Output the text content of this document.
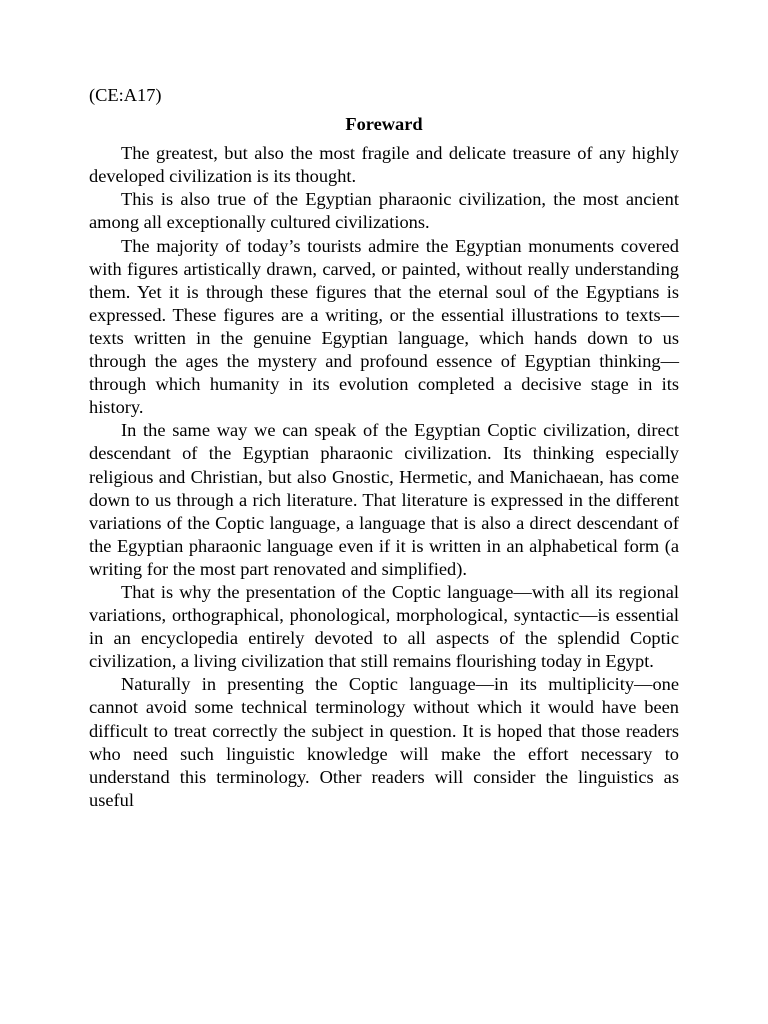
(CE:A17)

Foreward

The greatest, but also the most fragile and delicate treasure of any highly developed civilization is its thought.

This is also true of the Egyptian pharaonic civilization, the most ancient among all exceptionally cultured civilizations.

The majority of today’s tourists admire the Egyptian monuments covered with figures artistically drawn, carved, or painted, without really understanding them. Yet it is through these figures that the eternal soul of the Egyptians is expressed. These figures are a writing, or the essential illustrations to texts—texts written in the genuine Egyptian language, which hands down to us through the ages the mystery and profound essence of Egyptian thinking—through which humanity in its evolution completed a decisive stage in its history.

In the same way we can speak of the Egyptian Coptic civilization, direct descendant of the Egyptian pharaonic civilization. Its thinking especially religious and Christian, but also Gnostic, Hermetic, and Manichaean, has come down to us through a rich literature. That literature is expressed in the different variations of the Coptic language, a language that is also a direct descendant of the Egyptian pharaonic language even if it is written in an alphabetical form (a writing for the most part renovated and simplified).

That is why the presentation of the Coptic language—with all its regional variations, orthographical, phonological, morphological, syntactic—is essential in an encyclopedia entirely devoted to all aspects of the splendid Coptic civilization, a living civilization that still remains flourishing today in Egypt.

Naturally in presenting the Coptic language—in its multiplicity—one cannot avoid some technical terminology without which it would have been difficult to treat correctly the subject in question. It is hoped that those readers who need such linguistic knowledge will make the effort necessary to understand this terminology. Other readers will consider the linguistics as useful
